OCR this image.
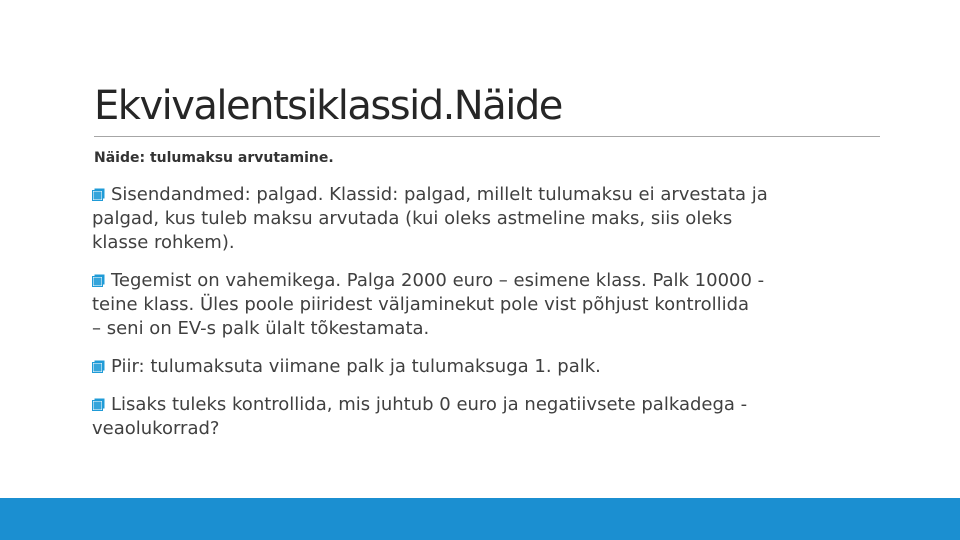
Ekvivalentsiklassid.Näide
Näide: tulumaksu arvutamine.
Sisendandmed: palgad. Klassid: palgad, millelt tulumaksu ei arvestata ja
palgad, kus tuleb maksu arvutada (kui oleks astmeline maks, siis oleks
klasse rohkem).
Tegemist on vahemikega. Palga 2000 euro – esimene klass. Palk 10000 -
teine klass. Üles poole piiridest väljaminekut pole vist põhjust kontrollida
– seni on EV-s palk ülalt tõkestamata.
Piir: tulumaksuta viimane palk ja tulumaksuga 1. palk.
Lisaks tuleks kontrollida, mis juhtub 0 euro ja negatiivsete palkadega -
veaolukorrad?
